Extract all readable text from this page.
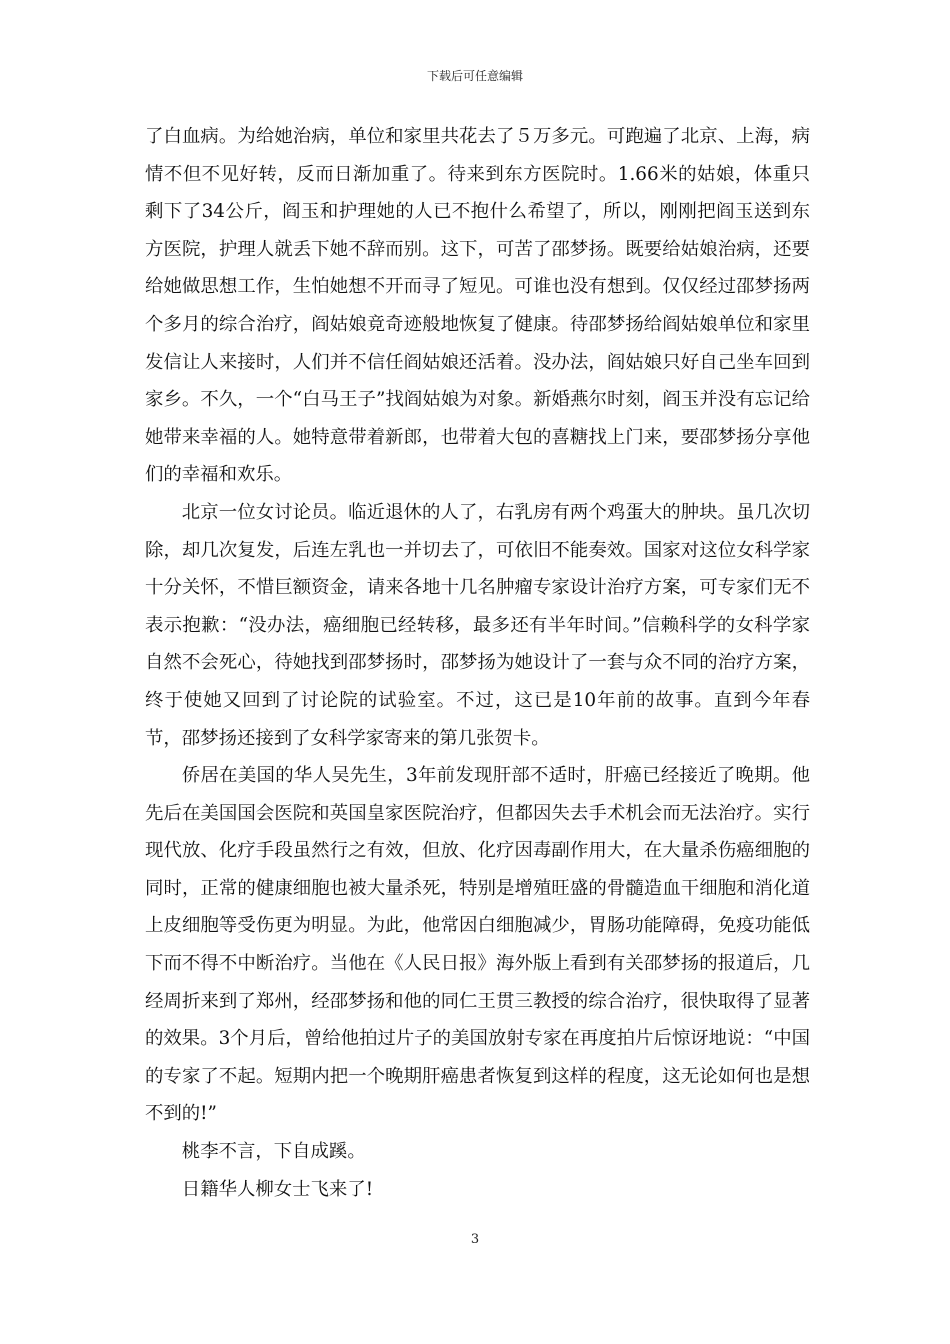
下载后可任意编辑

了白血病。为给她治病，单位和家里共花去了５万多元。可跑遍了北京、上海，病情不但不见好转，反而日渐加重了。待来到东方医院时。1.66米的姑娘，体重只剩下了34公斤，阎玉和护理她的人已不抱什么希望了，所以，刚刚把阎玉送到东方医院，护理人就丢下她不辞而别。这下，可苦了邵梦扬。既要给姑娘治病，还要给她做思想工作，生怕她想不开而寻了短见。可谁也没有想到。仅仅经过邵梦扬两个多月的综合治疗，阎姑娘竟奇迹般地恢复了健康。待邵梦扬给阎姑娘单位和家里发信让人来接时，人们并不信任阎姑娘还活着。没办法，阎姑娘只好自己坐车回到家乡。不久，一个“白马王子”找阎姑娘为对象。新婚燕尔时刻，阎玉并没有忘记给她带来幸福的人。她特意带着新郎，也带着大包的喜糖找上门来，要邵梦扬分享他们的幸福和欢乐。

北京一位女讨论员。临近退休的人了，右乳房有两个鸡蛋大的肿块。虽几次切除，却几次复发，后连左乳也一并切去了，可依旧不能奏效。国家对这位女科学家十分关怀，不惜巨额资金，请来各地十几名肿瘤专家设计治疗方案，可专家们无不表示抱歉：“没办法，癌细胞已经转移，最多还有半年时间。”信赖科学的女科学家自然不会死心，待她找到邵梦扬时，邵梦扬为她设计了一套与众不同的治疗方案，终于使她又回到了讨论院的试验室。不过，这已是10年前的故事。直到今年春节，邵梦扬还接到了女科学家寄来的第几张贺卡。

侨居在美国的华人吴先生，3年前发现肝部不适时，肝癌已经接近了晚期。他先后在美国国会医院和英国皇家医院治疗，但都因失去手术机会而无法治疗。实行现代放、化疗手段虽然行之有效，但放、化疗因毒副作用大，在大量杀伤癌细胞的同时，正常的健康细胞也被大量杀死，特别是增殖旺盛的骨髓造血干细胞和消化道上皮细胞等受伤更为明显。为此，他常因白细胞减少，胃肠功能障碍，免疫功能低下而不得不中断治疗。当他在《人民日报》海外版上看到有关邵梦扬的报道后，几经周折来到了郑州，经邵梦扬和他的同仁王贯三教授的综合治疗，很快取得了显著的效果。3个月后，曾给他拍过片子的美国放射专家在再度拍片后惊讶地说：“中国的专家了不起。短期内把一个晚期肝癌患者恢复到这样的程度，这无论如何也是想不到的!”

桃李不言，下自成蹊。

日籍华人柳女士飞来了!

3
